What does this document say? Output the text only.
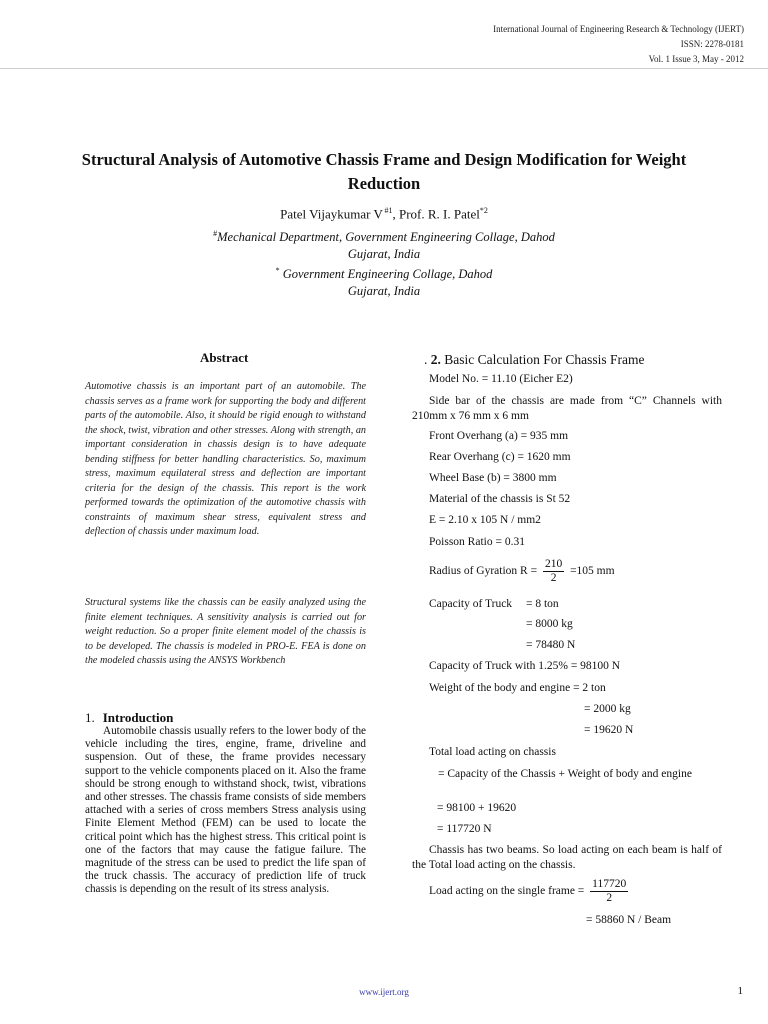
International Journal of Engineering Research & Technology (IJERT)
ISSN: 2278-0181
Vol. 1 Issue 3, May - 2012
Structural Analysis of Automotive Chassis Frame and Design Modification for Weight Reduction
Patel Vijaykumar V  $^{\#1}$, Prof. R. I. Patel$^{*2}$
#Mechanical Department, Government Engineering Collage, Dahod
Gujarat, India
* Government Engineering Collage, Dahod
Gujarat, India
Abstract
Automotive chassis is an important part of an automobile. The chassis serves as a frame work for supporting the body and different parts of the automobile. Also, it should be rigid enough to withstand the shock, twist, vibration and other stresses. Along with strength, an important consideration in chassis design is to have adequate bending stiffness for better handling characteristics. So, maximum stress, maximum equilateral stress and deflection are important criteria for the design of the chassis. This report is the work performed towards the optimization of the automotive chassis with constraints of maximum shear stress, equivalent stress and deflection of chassis under maximum load.
Structural systems like the chassis can be easily analyzed using the finite element techniques. A sensitivity analysis is carried out for weight reduction. So a proper finite element model of the chassis is to be developed. The chassis is modeled in PRO-E. FEA is done on the modeled chassis using the ANSYS Workbench
1. Introduction
Automobile chassis usually refers to the lower body of the vehicle including the tires, engine, frame, driveline and suspension. Out of these, the frame provides necessary support to the vehicle components placed on it. Also the frame should be strong enough to withstand shock, twist, vibrations and other stresses. The chassis frame consists of side members attached with a series of cross members Stress analysis using Finite Element Method (FEM) can be used to locate the critical point which has the highest stress. This critical point is one of the factors that may cause the fatigue failure. The magnitude of the stress can be used to predict the life span of the truck chassis. The accuracy of prediction life of truck chassis is depending on the result of its stress analysis.
. 2. Basic Calculation For Chassis Frame
Model No. = 11.10 (Eicher E2)
Side bar of the chassis are made from “C” Channels with 210mm x 76 mm x 6 mm
Front Overhang (a) = 935 mm
Rear Overhang (c) = 1620 mm
Wheel Base (b) = 3800 mm
Material of the chassis is St 52
E = 2.10 x 105 N / mm2
Poisson Ratio = 0.31
Radius of Gyration $R = \frac{210}{2} =105$ mm
Capacity of Truck = 8 ton
= 8000 kg
= 78480 N
Capacity of Truck with 1.25% = 98100 N
Weight of the body and engine = 2 ton
= 2000 kg
= 19620 N
Total load acting on chassis
= Capacity of the Chassis + Weight of body and engine
= 98100 + 19620
= 117720 N
Chassis has two beams. So load acting on each beam is half of the Total load acting on the chassis.
Load acting on the single frame = $\frac{117720}{2}$
= 58860 N / Beam
www.ijert.org	1
